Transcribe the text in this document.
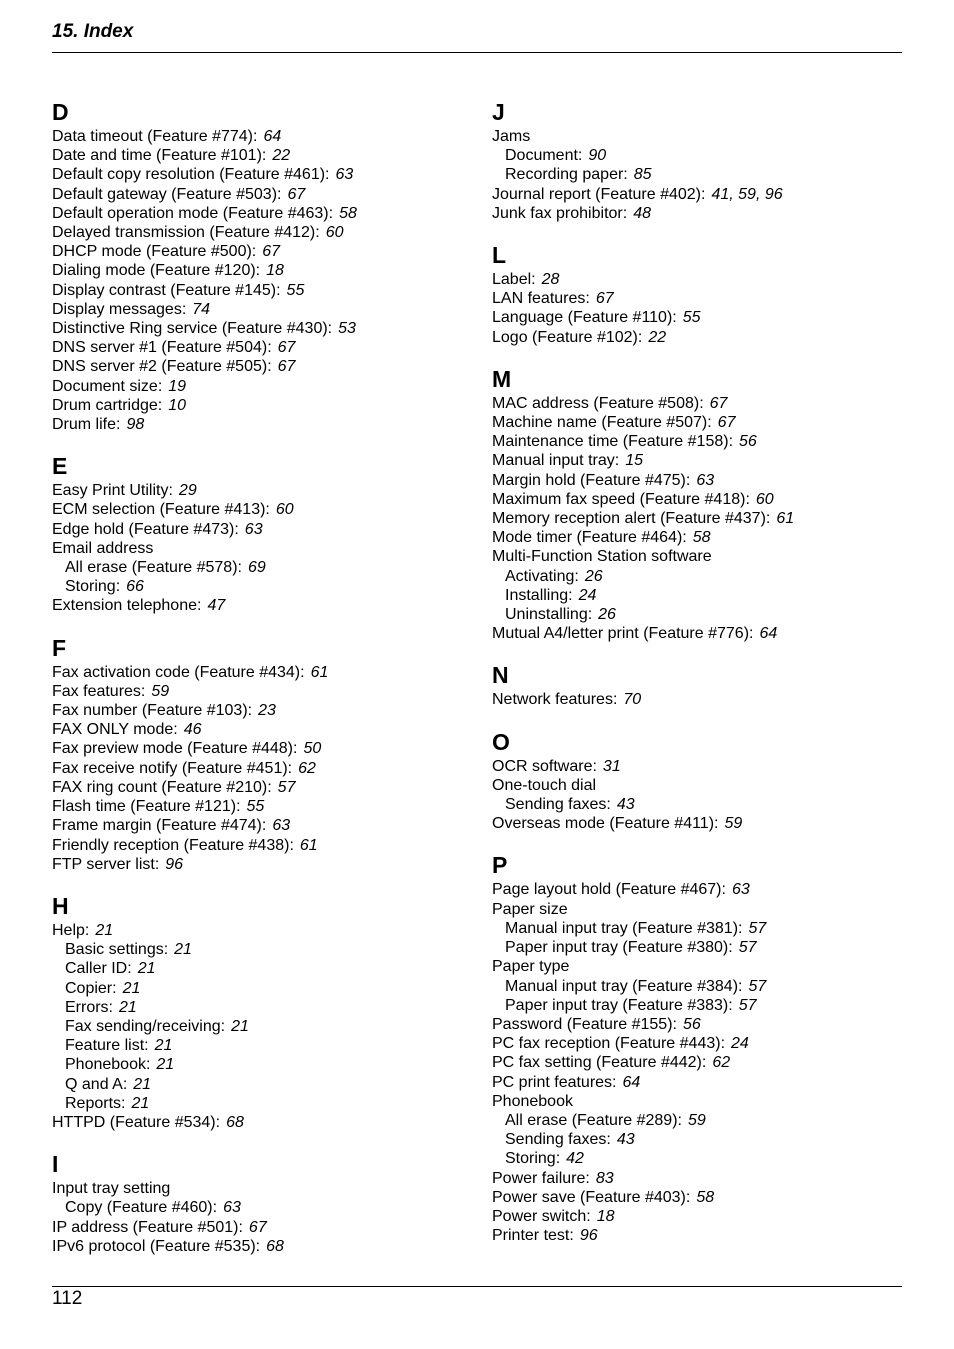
15. Index
D
Data timeout (Feature #774): 64
Date and time (Feature #101): 22
Default copy resolution (Feature #461): 63
Default gateway (Feature #503): 67
Default operation mode (Feature #463): 58
Delayed transmission (Feature #412): 60
DHCP mode (Feature #500): 67
Dialing mode (Feature #120): 18
Display contrast (Feature #145): 55
Display messages: 74
Distinctive Ring service (Feature #430): 53
DNS server #1 (Feature #504): 67
DNS server #2 (Feature #505): 67
Document size: 19
Drum cartridge: 10
Drum life: 98
E
Easy Print Utility: 29
ECM selection (Feature #413): 60
Edge hold (Feature #473): 63
Email address
All erase (Feature #578): 69
Storing: 66
Extension telephone: 47
F
Fax activation code (Feature #434): 61
Fax features: 59
Fax number (Feature #103): 23
FAX ONLY mode: 46
Fax preview mode (Feature #448): 50
Fax receive notify (Feature #451): 62
FAX ring count (Feature #210): 57
Flash time (Feature #121): 55
Frame margin (Feature #474): 63
Friendly reception (Feature #438): 61
FTP server list: 96
H
Help: 21
Basic settings: 21
Caller ID: 21
Copier: 21
Errors: 21
Fax sending/receiving: 21
Feature list: 21
Phonebook: 21
Q and A: 21
Reports: 21
HTTPD (Feature #534): 68
I
Input tray setting
Copy (Feature #460): 63
IP address (Feature #501): 67
IPv6 protocol (Feature #535): 68
J
Jams
Document: 90
Recording paper: 85
Journal report (Feature #402): 41, 59, 96
Junk fax prohibitor: 48
L
Label: 28
LAN features: 67
Language (Feature #110): 55
Logo (Feature #102): 22
M
MAC address (Feature #508): 67
Machine name (Feature #507): 67
Maintenance time (Feature #158): 56
Manual input tray: 15
Margin hold (Feature #475): 63
Maximum fax speed (Feature #418): 60
Memory reception alert (Feature #437): 61
Mode timer (Feature #464): 58
Multi-Function Station software
Activating: 26
Installing: 24
Uninstalling: 26
Mutual A4/letter print (Feature #776): 64
N
Network features: 70
O
OCR software: 31
One-touch dial
Sending faxes: 43
Overseas mode (Feature #411): 59
P
Page layout hold (Feature #467): 63
Paper size
Manual input tray (Feature #381): 57
Paper input tray (Feature #380): 57
Paper type
Manual input tray (Feature #384): 57
Paper input tray (Feature #383): 57
Password (Feature #155): 56
PC fax reception (Feature #443): 24
PC fax setting (Feature #442): 62
PC print features: 64
Phonebook
All erase (Feature #289): 59
Sending faxes: 43
Storing: 42
Power failure: 83
Power save (Feature #403): 58
Power switch: 18
Printer test: 96
112
